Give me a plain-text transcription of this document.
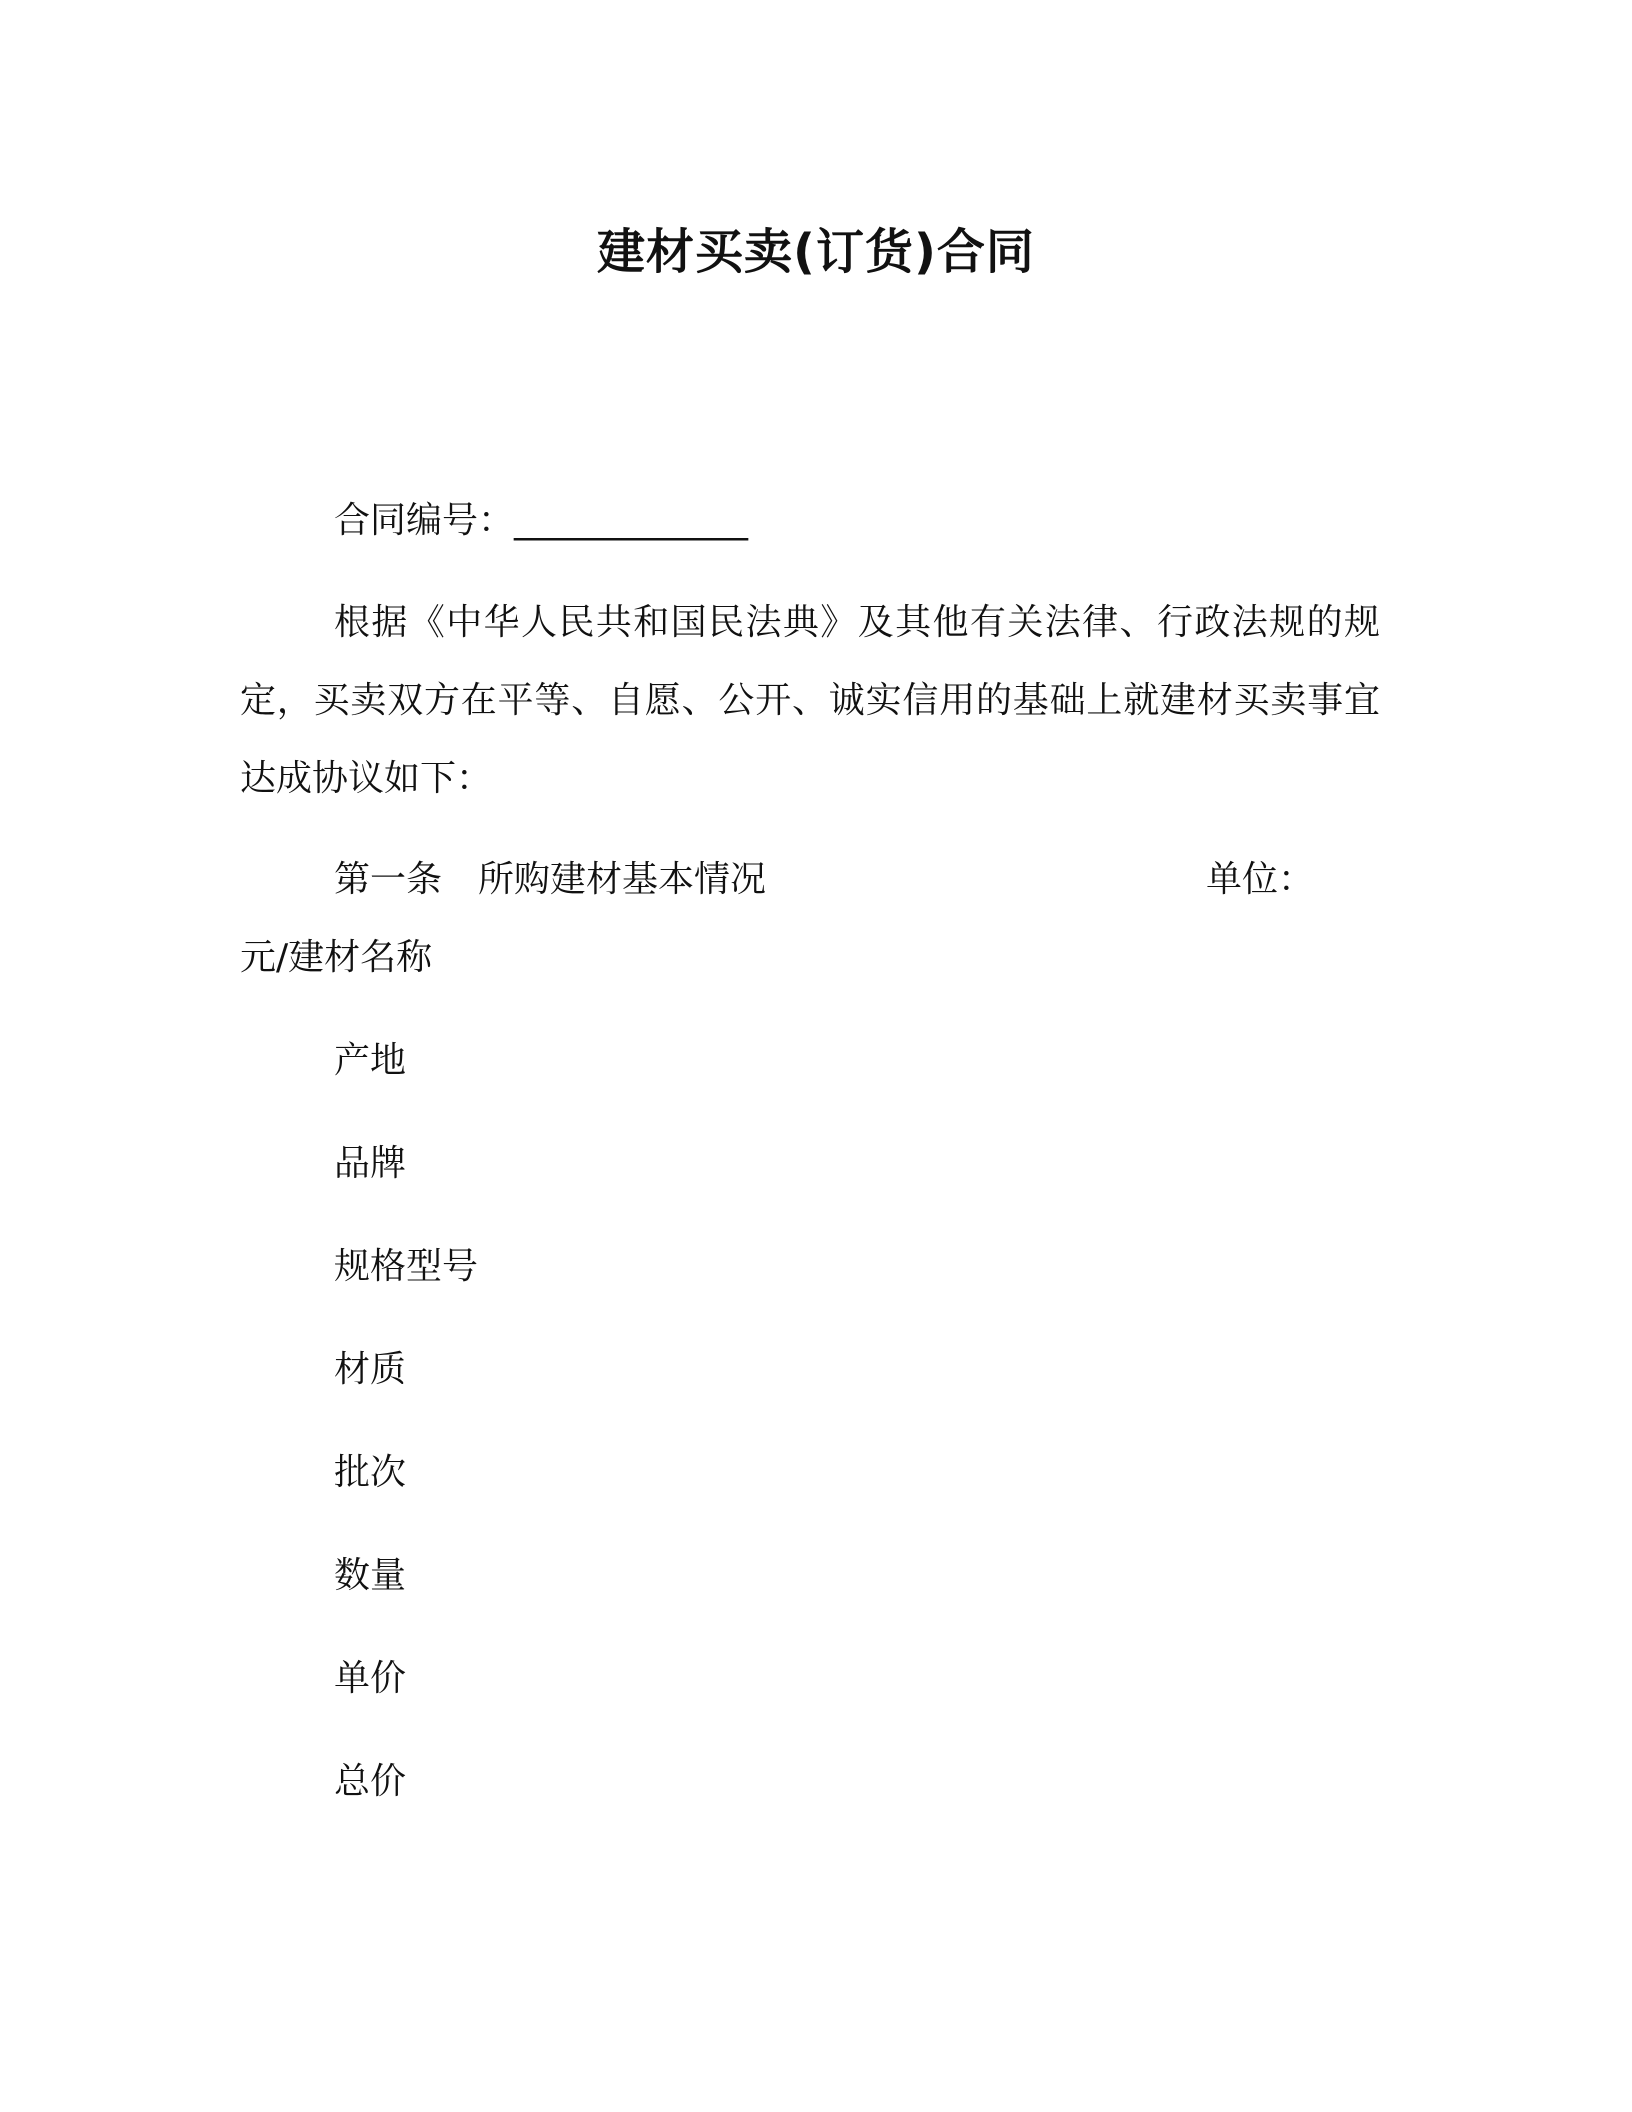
建材买卖(订货)合同
合同编号：_____________
根据《中华人民共和国民法典》及其他有关法律、行政法规的规定，买卖双方在平等、自愿、公开、诚实信用的基础上就建材买卖事宜达成协议如下：
第一条　所购建材基本情况	单位：
元/建材名称
产地
品牌
规格型号
材质
批次
数量
单价
总价
